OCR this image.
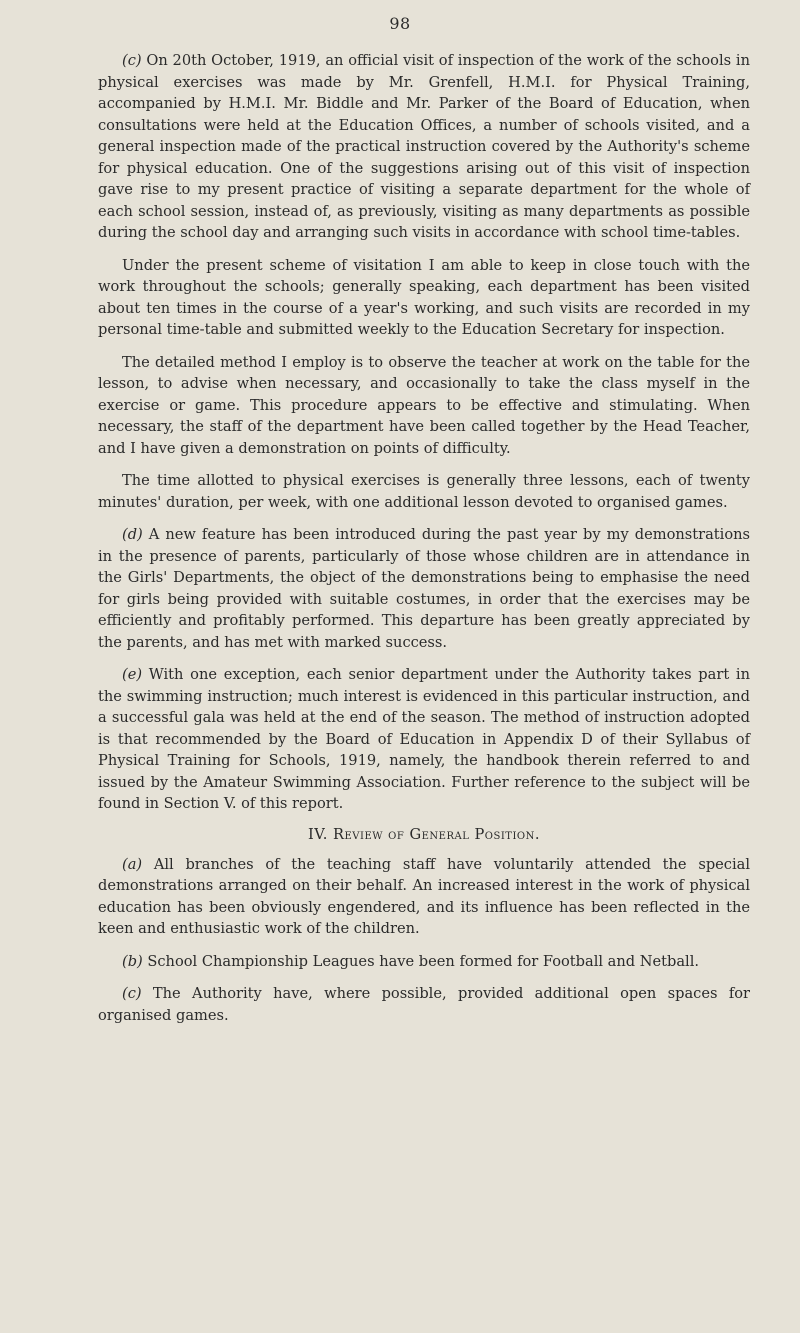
98

(c) On 20th October, 1919, an official visit of inspection of the work of the schools in physical exercises was made by Mr. Grenfell, H.M.I. for Physical Training, accompanied by H.M.I. Mr. Biddle and Mr. Parker of the Board of Education, when consultations were held at the Education Offices, a number of schools visited, and a general inspection made of the practical instruction covered by the Authority's scheme for physical education. One of the suggestions arising out of this visit of inspection gave rise to my present practice of visiting a separate department for the whole of each school session, instead of, as previously, visiting as many departments as possible during the school day and arranging such visits in accordance with school time-tables.

Under the present scheme of visitation I am able to keep in close touch with the work throughout the schools; generally speaking, each department has been visited about ten times in the course of a year's working, and such visits are recorded in my personal time-table and submitted weekly to the Education Secretary for inspection.

The detailed method I employ is to observe the teacher at work on the table for the lesson, to advise when necessary, and occasionally to take the class myself in the exercise or game. This procedure appears to be effective and stimulating. When necessary, the staff of the department have been called together by the Head Teacher, and I have given a demonstration on points of difficulty.

The time allotted to physical exercises is generally three lessons, each of twenty minutes' duration, per week, with one additional lesson devoted to organised games.

(d) A new feature has been introduced during the past year by my demonstrations in the presence of parents, particularly of those whose children are in attendance in the Girls' Departments, the object of the demonstrations being to emphasise the need for girls being provided with suitable costumes, in order that the exercises may be efficiently and profitably performed. This departure has been greatly appreciated by the parents, and has met with marked success.

(e) With one exception, each senior department under the Authority takes part in the swimming instruction; much interest is evidenced in this particular instruction, and a successful gala was held at the end of the season. The method of instruction adopted is that recommended by the Board of Education in Appendix D of their Syllabus of Physical Training for Schools, 1919, namely, the handbook therein referred to and issued by the Amateur Swimming Association. Further reference to the subject will be found in Section V. of this report.

IV. Review of General Position.

(a) All branches of the teaching staff have voluntarily attended the special demonstrations arranged on their behalf. An increased interest in the work of physical education has been obviously engendered, and its influence has been reflected in the keen and enthusiastic work of the children.

(b) School Championship Leagues have been formed for Football and Netball.

(c) The Authority have, where possible, provided additional open spaces for organised games.
